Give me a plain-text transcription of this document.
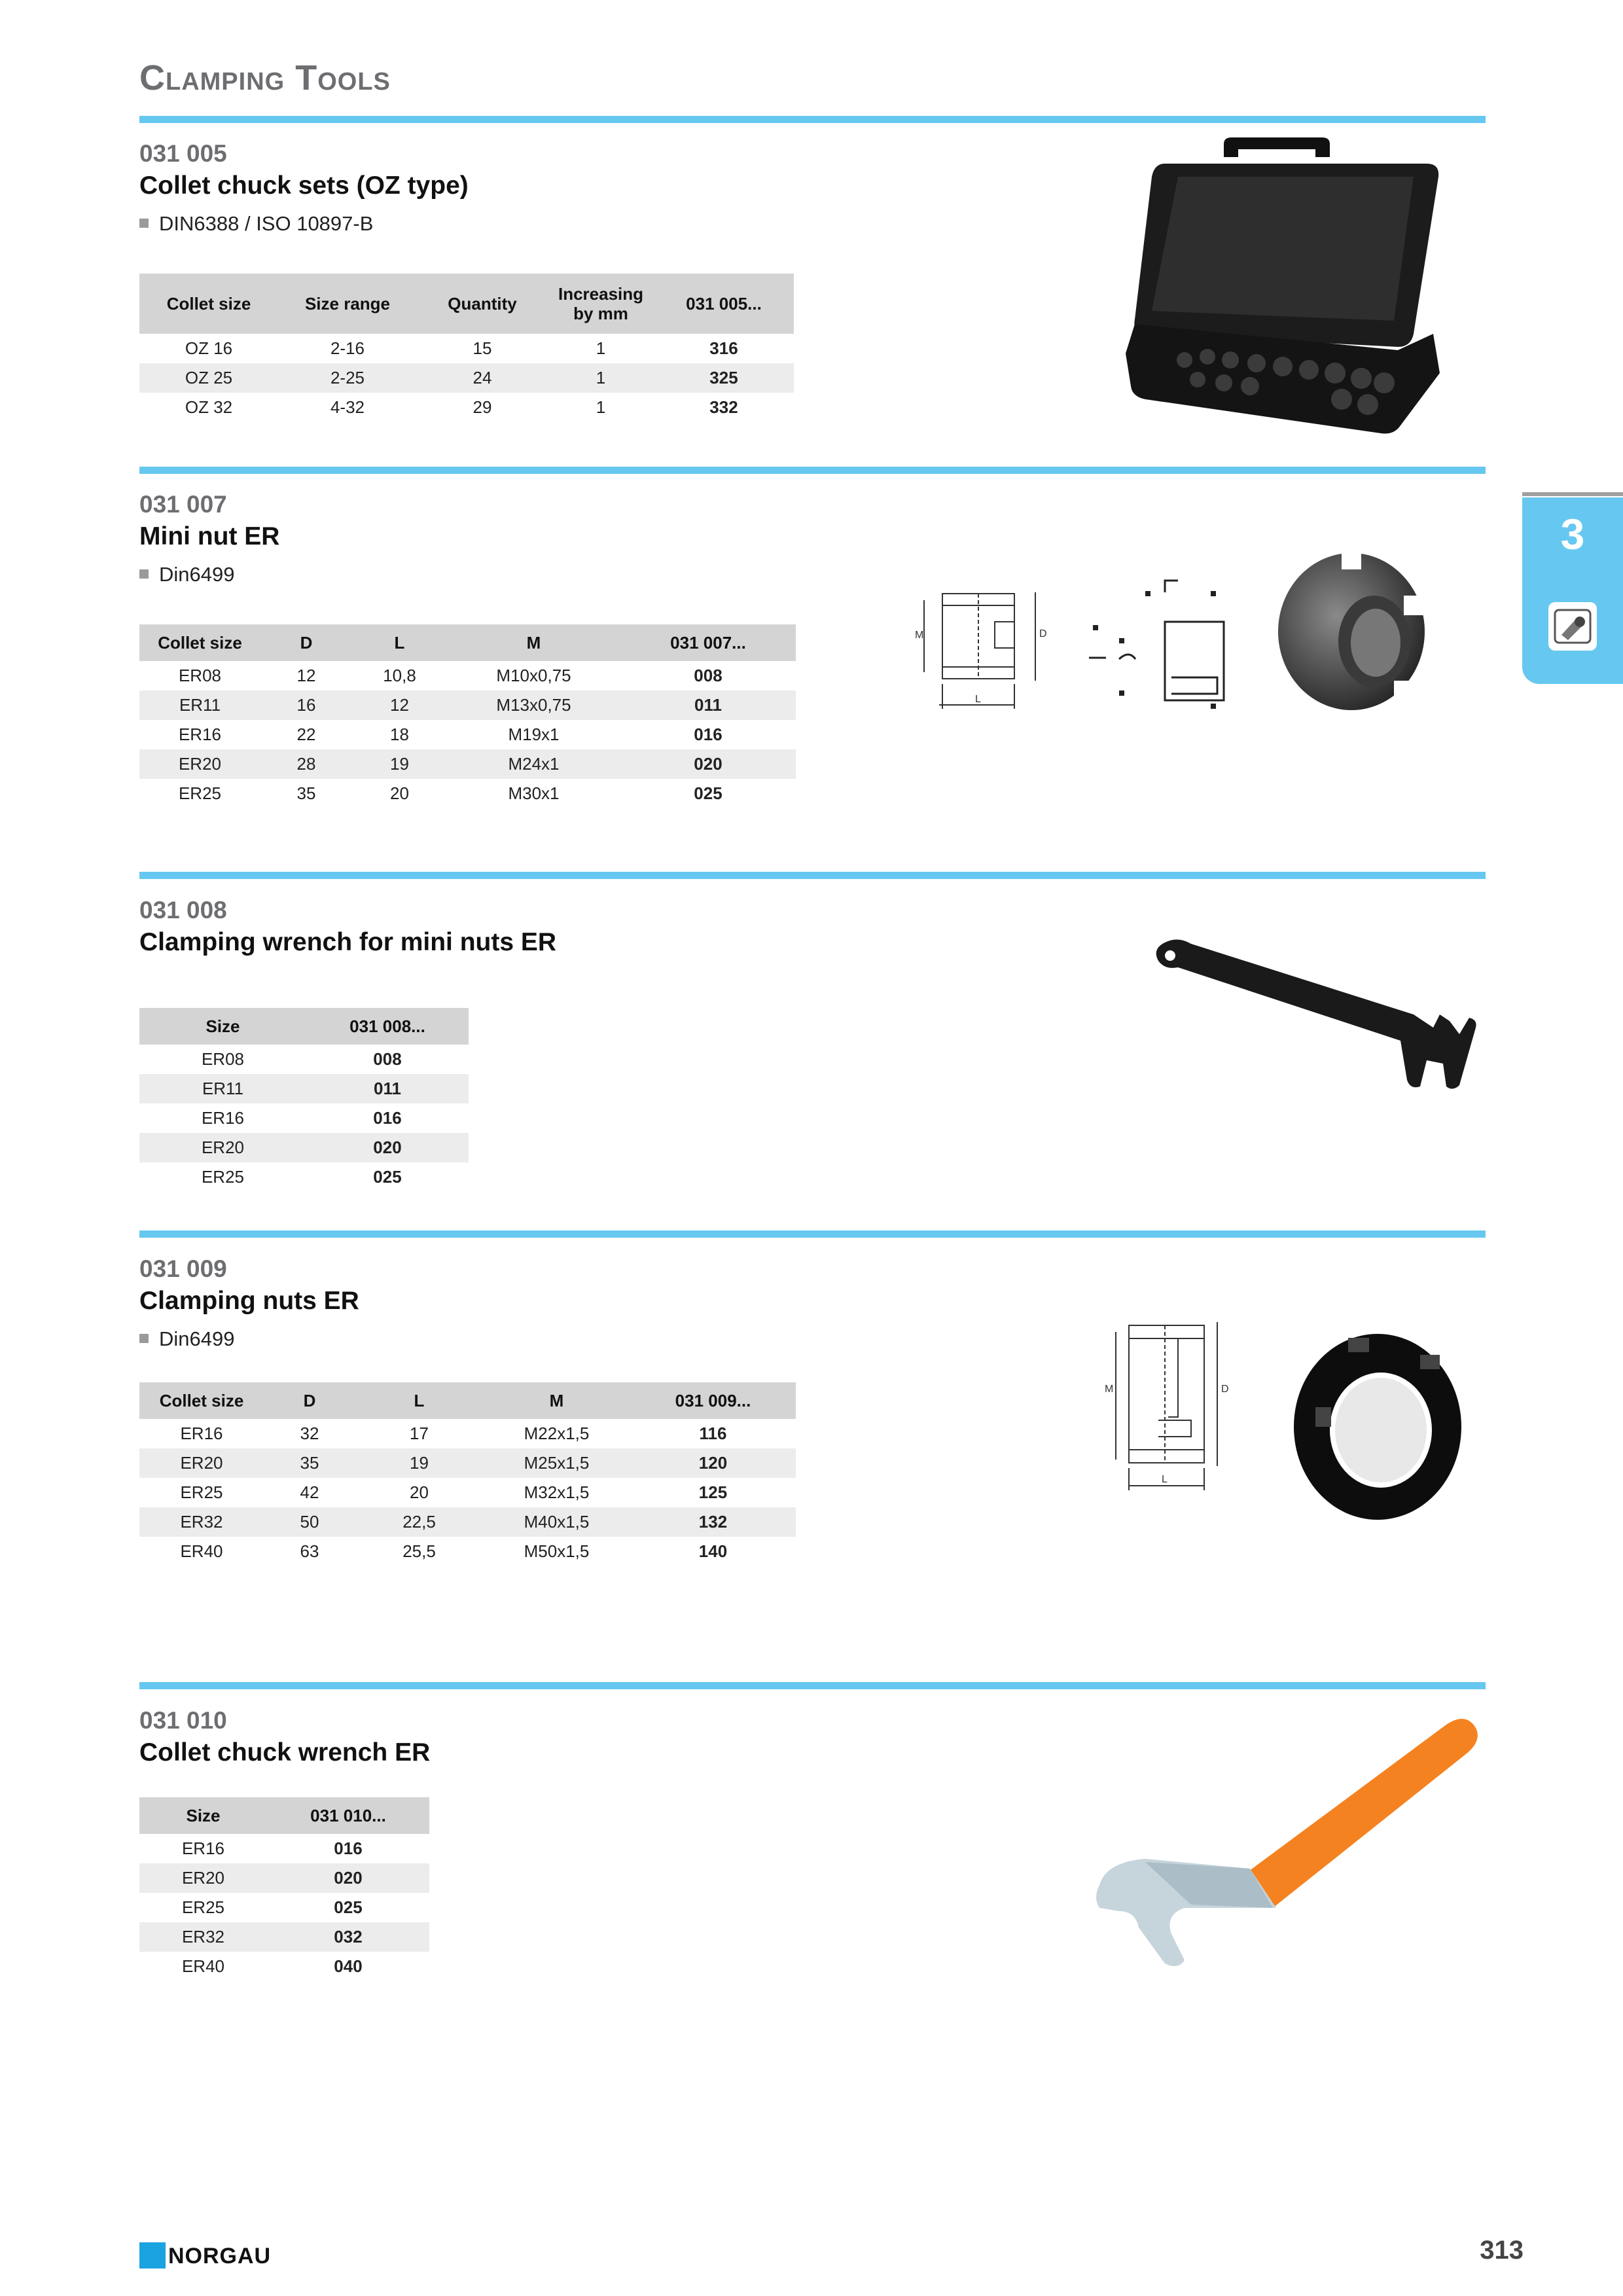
Clamping Tools
031 005
Collet chuck sets (OZ type)
DIN6388 / ISO 10897-B
Collet size	Size range	Quantity	Increasing by mm	031 005...
OZ 16	2-16	15	1	316
OZ 25	2-25	24	1	325
OZ 32	4-32	29	1	332
031 007
Mini nut ER
Din6499
Collet size	D	L	M	031 007...
ER08	12	10,8	M10x0,75	008
ER11	16	12	M13x0,75	011
ER16	22	18	M19x1	016
ER20	28	19	M24x1	020
ER25	35	20	M30x1	025
M	D
L
031 008
Clamping wrench for mini nuts ER
Size	031 008...
ER08	008
ER11	011
ER16	016
ER20	020
ER25	025
031 009
Clamping nuts ER
Din6499
Collet size	D	L	M	031 009...
ER16	32	17	M22x1,5	116
ER20	35	19	M25x1,5	120
ER25	42	20	M32x1,5	125
ER32	50	22,5	M40x1,5	132
ER40	63	25,5	M50x1,5	140
M	D
L
031 010
Collet chuck wrench ER
Size	031 010...
ER16	016
ER20	020
ER25	025
ER32	032
ER40	040
3
NORGAU	313
